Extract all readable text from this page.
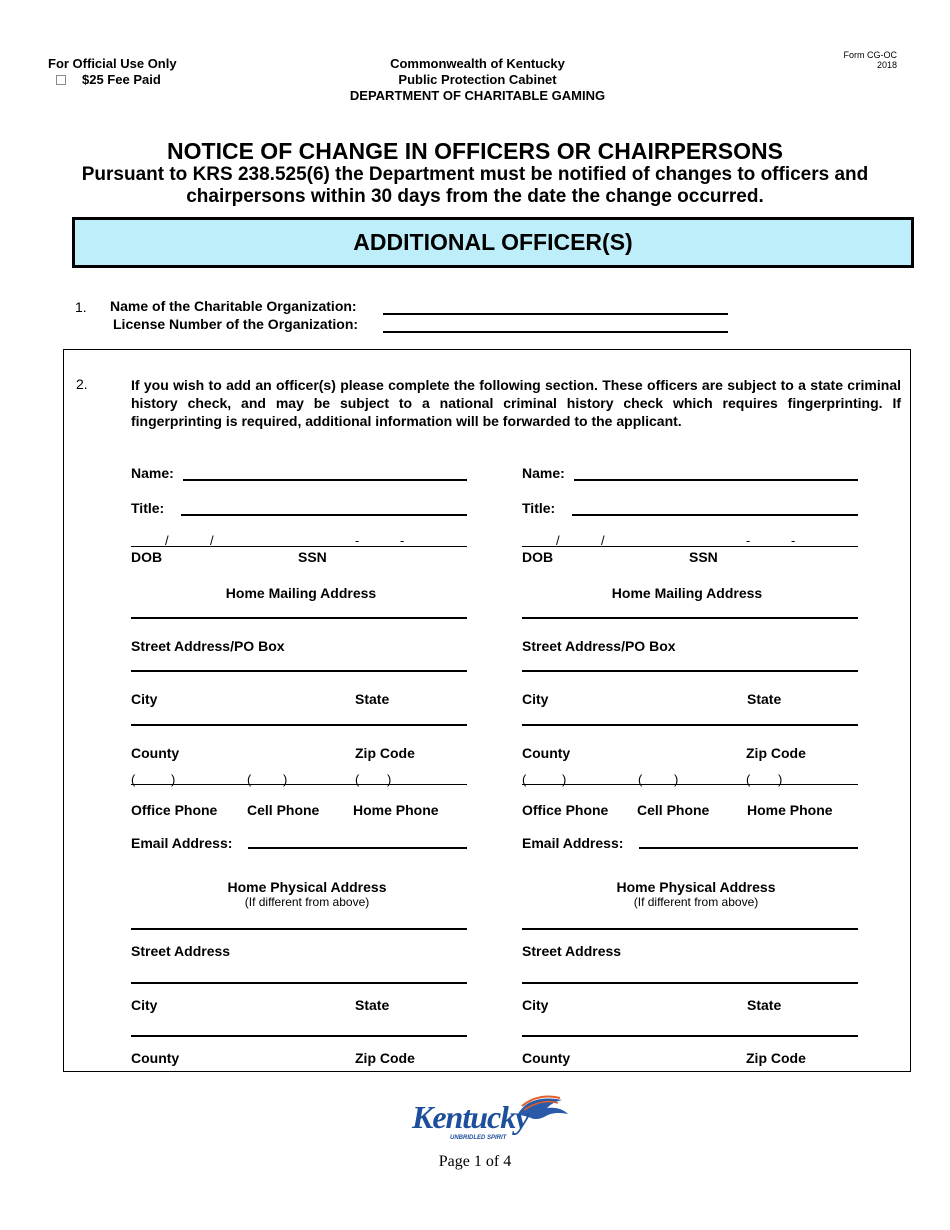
For Official Use Only
$25 Fee Paid
Commonwealth of Kentucky
Public Protection Cabinet
DEPARTMENT OF CHARITABLE GAMING
Form CG-OC
2018
NOTICE OF CHANGE IN OFFICERS OR CHAIRPERSONS
Pursuant to KRS 238.525(6) the Department must be notified of changes to officers and chairpersons within 30 days from the date the change occurred.
ADDITIONAL OFFICER(S)
1. Name of the Charitable Organization:
License Number of the Organization:
2.	If you wish to add an officer(s) please complete the following section. These officers are subject to a state criminal history check, and may be subject to a national criminal history check which requires fingerprinting. If fingerprinting is required, additional information will be forwarded to the applicant.
Name:
Title:
/	/	-	-
DOB	SSN
Home Mailing Address
Street Address/PO Box
City	State
County	Zip Code
(	)	( )	( )
Office Phone Cell Phone Home Phone
Email Address:
Home Physical Address
(If different from above)
Street Address
City	State
County	Zip Code
Name:
Title:
/	/	-	-
DOB	SSN
Home Mailing Address
Street Address/PO Box
City	State
County	Zip Code
(	)	( )	( )
Office Phone Cell Phone	Home Phone
Email Address:
Home Physical Address
(If different from above)
Street Address
City	State
County	Zip Code
Kentucky
UNBRIDLED SPIRIT
Page 1 of 4
